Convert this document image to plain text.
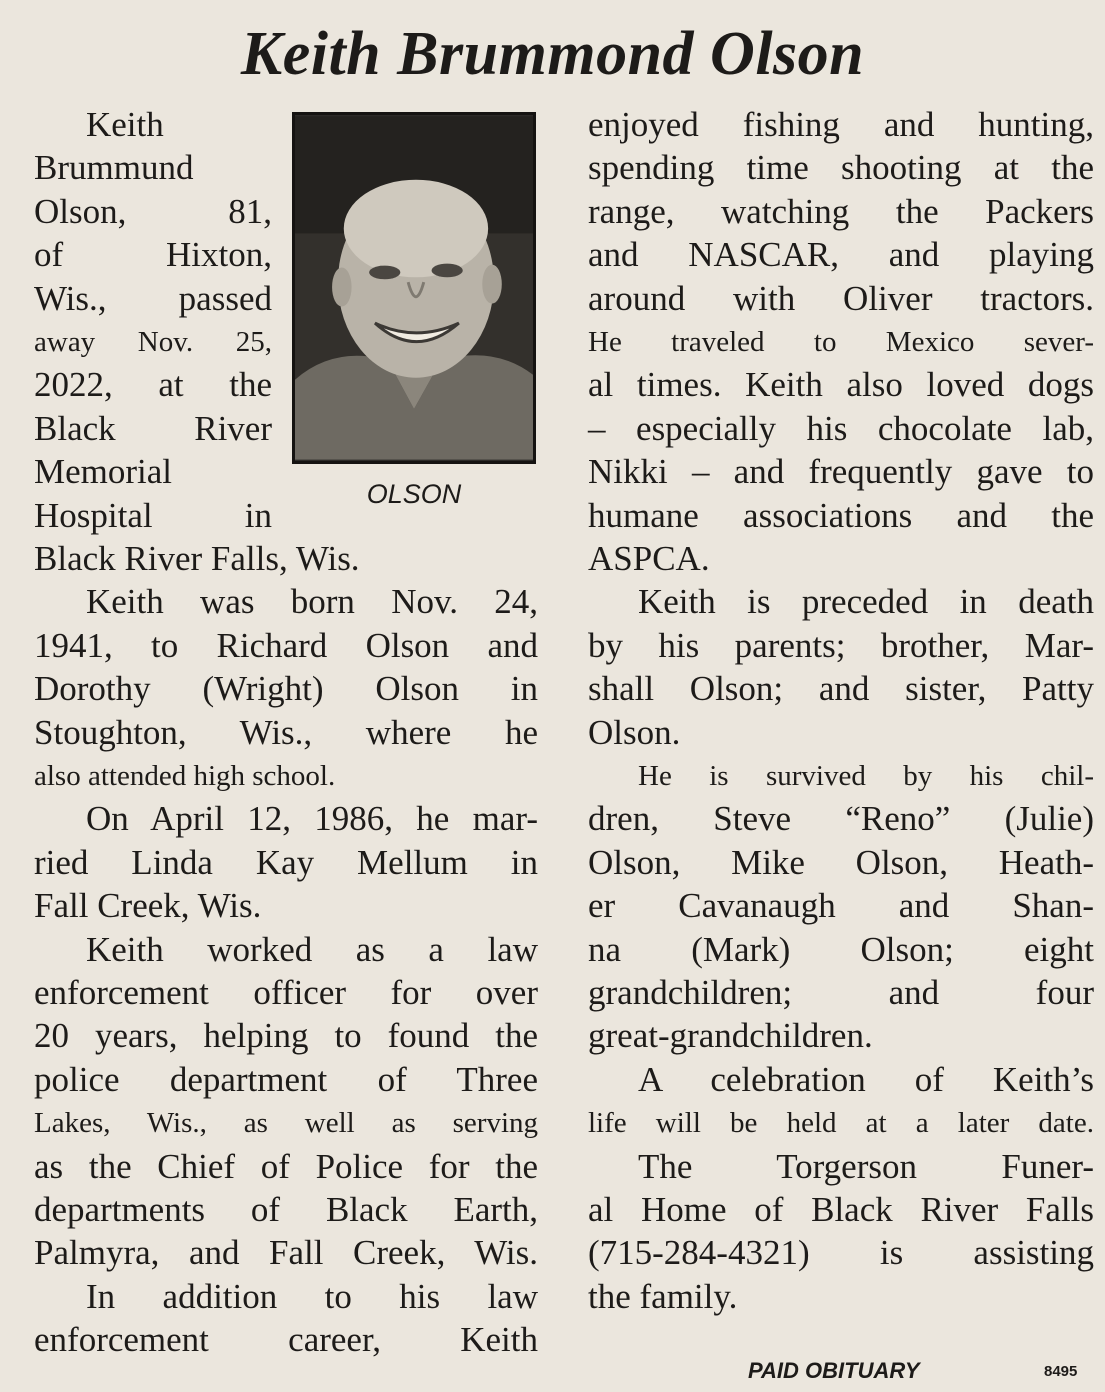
Keith Brummond Olson
OLSON

Keith

Brummund

Olson, 81,

of Hixton,

Wis., passed

away Nov. 25,

2022, at the

Black River

Memorial

Hospital in

Black River Falls, Wis.

Keith was born Nov. 24,

1941, to Richard Olson and

Dorothy (Wright) Olson in

Stoughton, Wis., where he

also attended high school.

On April 12, 1986, he mar-

ried Linda Kay Mellum in

Fall Creek, Wis.

Keith worked as a law

enforcement officer for over

20 years, helping to found the

police department of Three

Lakes, Wis., as well as serving

as the Chief of Police for the

departments of Black Earth,

Palmyra, and Fall Creek, Wis.

In addition to his law

enforcement career, Keith

enjoyed fishing and hunting,

spending time shooting at the

range, watching the Packers

and NASCAR, and playing

around with Oliver tractors.

He traveled to Mexico sever-

al times. Keith also loved dogs

– especially his chocolate lab,

Nikki – and frequently gave to

humane associations and the

ASPCA.

Keith is preceded in death

by his parents; brother, Mar-

shall Olson; and sister, Patty

Olson.

He is survived by his chil-

dren, Steve “Reno” (Julie)

Olson, Mike Olson, Heath-

er Cavanaugh and Shan-

na (Mark) Olson; eight

grandchildren; and four

great-grandchildren.

A celebration of Keith’s

life will be held at a later date.

The Torgerson Funer-

al Home of Black River Falls

(715-284-4321) is assisting

the family.

PAID OBITUARY	8495
